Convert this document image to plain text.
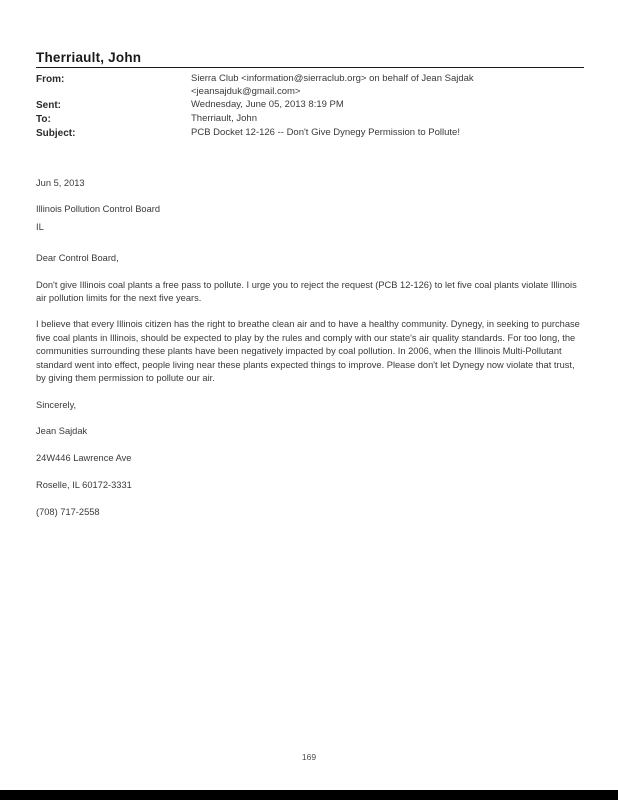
Therriault, John
From:	Sierra Club <information@sierraclub.org> on behalf of Jean Sajdak
<jeansajduk@gmail.com>
Sent:	Wednesday, June 05, 2013 8:19 PM
To:	Therriault, John
Subject:	PCB Docket 12-126 -- Don't Give Dynegy Permission to Pollute!

Jun 5, 2013

Illinois Pollution Control Board

IL

Dear Control Board,

Don't give Illinois coal plants a free pass to pollute. I urge you to reject the request (PCB 12-126) to let five coal plants violate Illinois air pollution limits for the next five years.

I believe that every Illinois citizen has the right to breathe clean air and to have a healthy community. Dynegy, in seeking to purchase five coal plants in Illinois, should be expected to play by the rules and comply with our state's air quality standards. For too long, the communities surrounding these plants have been negatively impacted by coal pollution. In 2006, when the Illinois Multi-Pollutant standard went into effect, people living near these plants expected things to improve. Please don't let Dynegy now violate that trust, by giving them permission to pollute our air.

Sincerely,

Jean Sajdak

24W446 Lawrence Ave

Roselle, IL 60172-3331

(708) 717-2558

169
